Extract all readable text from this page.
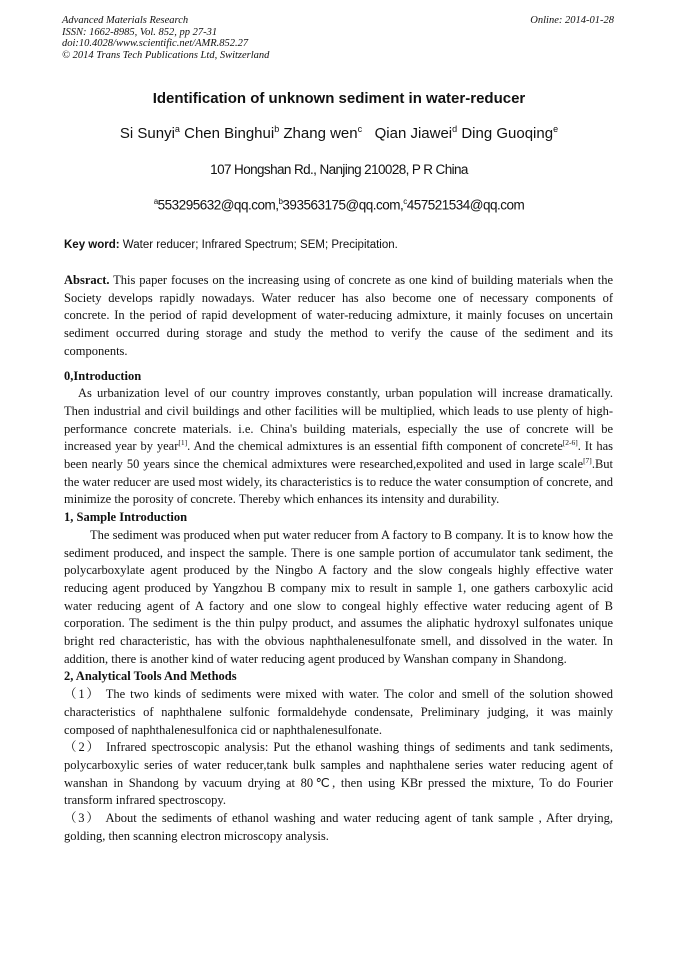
Advanced Materials Research
ISSN: 1662-8985, Vol. 852, pp 27-31
doi:10.4028/www.scientific.net/AMR.852.27
© 2014 Trans Tech Publications Ltd, Switzerland
Online: 2014-01-28
Identification of unknown sediment in water-reducer
Si Sunyi$^a$ Chen Binghui$^b$ Zhang wen$^c$ Qian Jiawei$^d$ Ding Guoqing$^e$
107 Hongshan Rd., Nanjing 210028, P R China
$^a$553295632@qq.com,$^b$393563175@qq.com,$^c$457521534@qq.com
Key word: Water reducer; Infrared Spectrum; SEM; Precipitation.

Absract. This paper focuses on the increasing using of concrete as one kind of building materials when the Society develops rapidly nowadays. Water reducer has also become one of necessary components of concrete. In the period of rapid development of water-reducing admixture, it mainly focuses on uncertain sediment occurred during storage and study the method to verify the cause of the sediment and its components.

0,Introduction

As urbanization level of our country improves constantly, urban population will increase dramatically. Then industrial and civil buildings and other facilities will be multiplied, which leads to use plenty of high-performance concrete materials. i.e. China's building materials, especially the use of concrete will be increased year by year[1]. And the chemical admixtures is an essential fifth component of concrete[2-6]. It has been nearly 50 years since the chemical admixtures were researched,expolited and used in large scale[7].But the water reducer are used most widely, its characteristics is to reduce the water consumption of concrete, and minimize the porosity of concrete. Thereby which enhances its intensity and durability.

1, Sample Introduction

The sediment was produced when put water reducer from A factory to B company. It is to know how the sediment produced, and inspect the sample. There is one sample portion of accumulator tank sediment, the polycarboxylate agent produced by the Ningbo A factory and the slow congeals highly effective water reducing agent produced by Yangzhou B company mix to result in sample 1, one gathers carboxylic acid water reducing agent of A factory and one slow to congeal highly effective water reducing agent of B corporation. The sediment is the thin pulpy product, and assumes the aliphatic hydroxyl sulfonates unique bright red characteristic, has with the obvious naphthalenesulfonate smell, and dissolved in the water. In addition, there is another kind of water reducing agent produced by Wanshan company in Shandong.

2, Analytical Tools And Methods

（1） The two kinds of sediments were mixed with water. The color and smell of the solution showed characteristics of naphthalene sulfonic formaldehyde condensate, Preliminary judging, it was mainly composed of naphthalenesulfonica cid or naphthalenesulfonate.

（2） Infrared spectroscopic analysis: Put the ethanol washing things of sediments and tank sediments, polycarboxylic series of water reducer,tank bulk samples and naphthalene series water reducing agent of wanshan in Shandong by vacuum drying at 80℃, then using KBr pressed the mixture, To do Fourier transform infrared spectroscopy.

（3） About the sediments of ethanol washing and water reducing agent of tank sample , After drying, golding, then scanning electron microscopy analysis.
